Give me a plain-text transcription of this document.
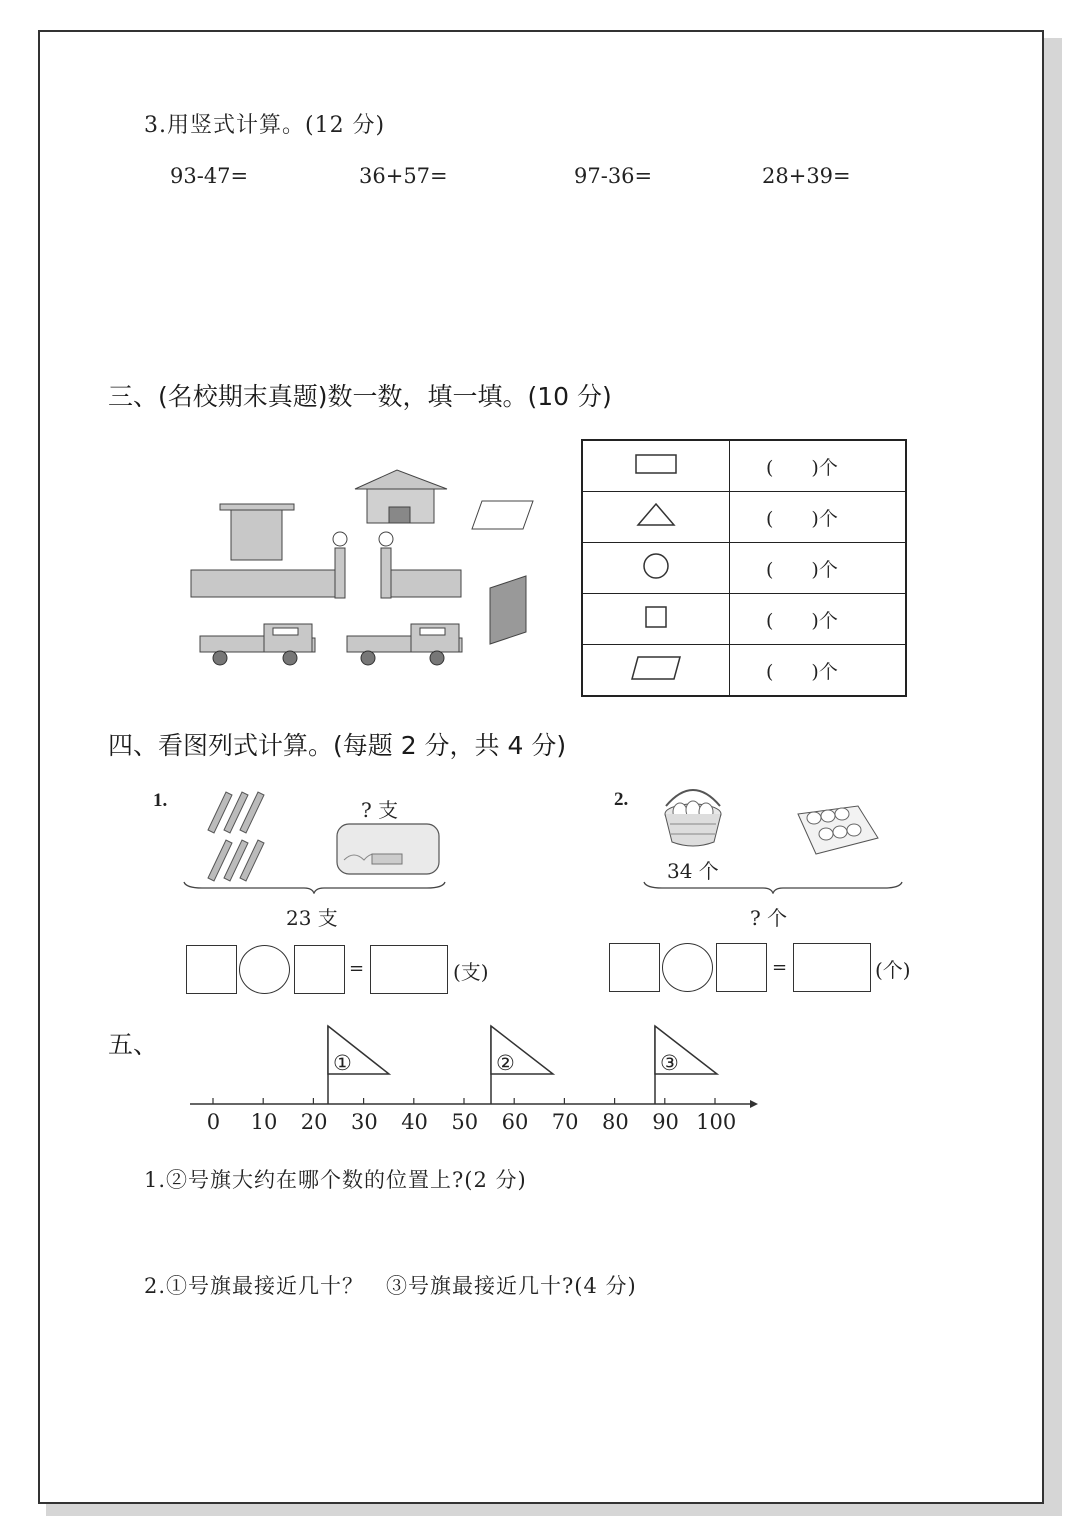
3.用竖式计算。(12 分)
93-47=	36+57=	97-36=	28+39=
三、(名校期末真题)数一数，填一填。(10 分)
	(　　)个
	(　　)个
	(　　)个
	(　　)个
	(　　)个
四、看图列式计算。(每题 2 分，共 4 分)
1.	? 支
23 支
=	(支)
2.
34 个
? 个
=	(个)
五、
①	②	③
0 10 20 30 40 50 60 70 80 90 100
1.②号旗大约在哪个数的位置上?(2 分)
2.①号旗最接近几十？　③号旗最接近几十?(4 分)
